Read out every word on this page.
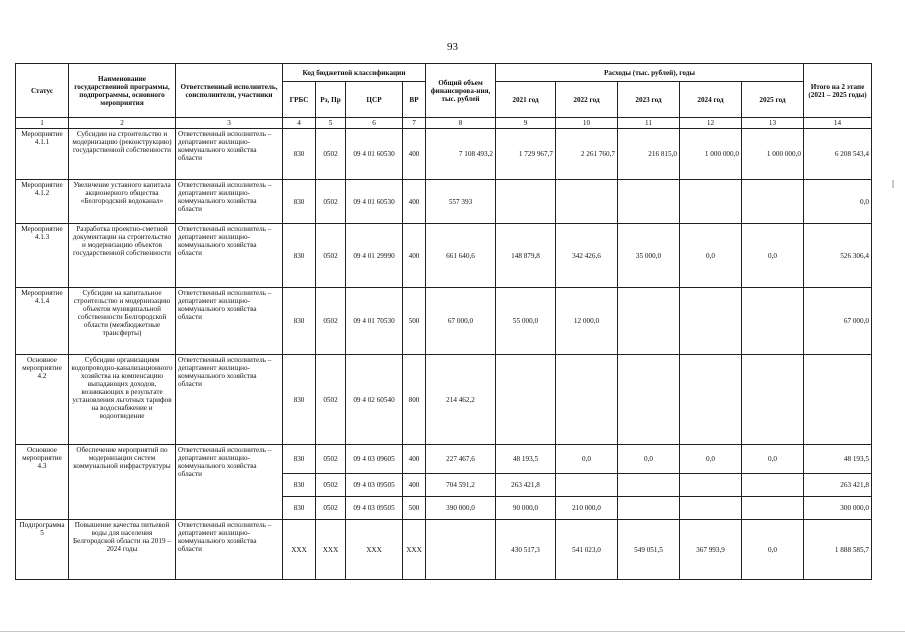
93
Статус	Наименование государственной программы, подпрограммы, основного мероприятия	Ответственный исполнитель, соисполнители, участники	Код бюджетной классификации				Общий объем финансирова-ния, тыс. рублей	Расходы (тыс. рублей), годы					Итого на 2 этапе (2021 – 2025 годы)
			ГРБС	Рз, Пр	ЦСР	ВР		2021 год	2022 год	2023 год	2024 год	2025 год	
1	2	3	4	5	6	7	8	9	10	11	12	13	14
Мероприятие 4.1.1	Субсидии на строительство и модернизацию (реконструкцию) государственной собственности	Ответственный исполнитель – департамент жилищно-коммунального хозяйства области	830	0502	09 4 01 60530	400	7 108 493,2	1 729 967,7	2 261 760,7	216 815,0	1 000 000,0	1 000 000,0	6 208 543,4
Мероприятие 4.1.2	Увеличение уставного капитала акционерного общества «Белгородский водоканал»	Ответственный исполнитель – департамент жилищно-коммунального хозяйства области	830	0502	09 4 01 60530	400	557 393						0,0
Мероприятие 4.1.3	Разработка проектно-сметной документации на строительство и модернизацию объектов государственной собственности	Ответственный исполнитель – департамент жилищно-коммунального хозяйства области	830	0502	09 4 01 29990	400	661 640,6	148 879,8	342 426,6	35 000,0	0,0	0,0	526 306,4
Мероприятие 4.1.4	Субсидии на капитальное строительство и модернизацию объектов муниципальной собственности Белгородской области (межбюджетные трансферты)	Ответственный исполнитель – департамент жилищно-коммунального хозяйства области	830	0502	09 4 01 70530	500	67 000,0	55 000,0	12 000,0				67 000,0
Основное мероприятие 4.2	Субсидии организациям водопроводно-канализационного хозяйства на компенсацию выпадающих доходов, возникающих в результате установления льготных тарифов на водоснабжение и водоотведение	Ответственный исполнитель – департамент жилищно-коммунального хозяйства области	830	0502	09 4 02 60540	800	214 462,2						
Основное мероприятие 4.3	Обеспечение мероприятий по модернизации систем коммунальной инфраструктуры	Ответственный исполнитель – департамент жилищно-коммунального хозяйства области	830	0502	09 4 03 09605	400	227 467,6	48 193,5	0,0	0,0	0,0	0,0	48 193,5
			830	0502	09 4 03 09505	400	704 591,2	263 421,8					263 421,8
			830	0502	09 4 03 09505	500	390 000,0	90 000,0	210 000,0				300 000,0
Подпрограмма 5	Повышение качества питьевой воды для населения Белгородской области на 2019 – 2024 годы	Ответственный исполнитель – департамент жилищно-коммунального хозяйства области	XXX	XXX	XXX	XXX		430 517,3	541 023,0	549 051,5	367 993,9	0,0	1 888 585,7
